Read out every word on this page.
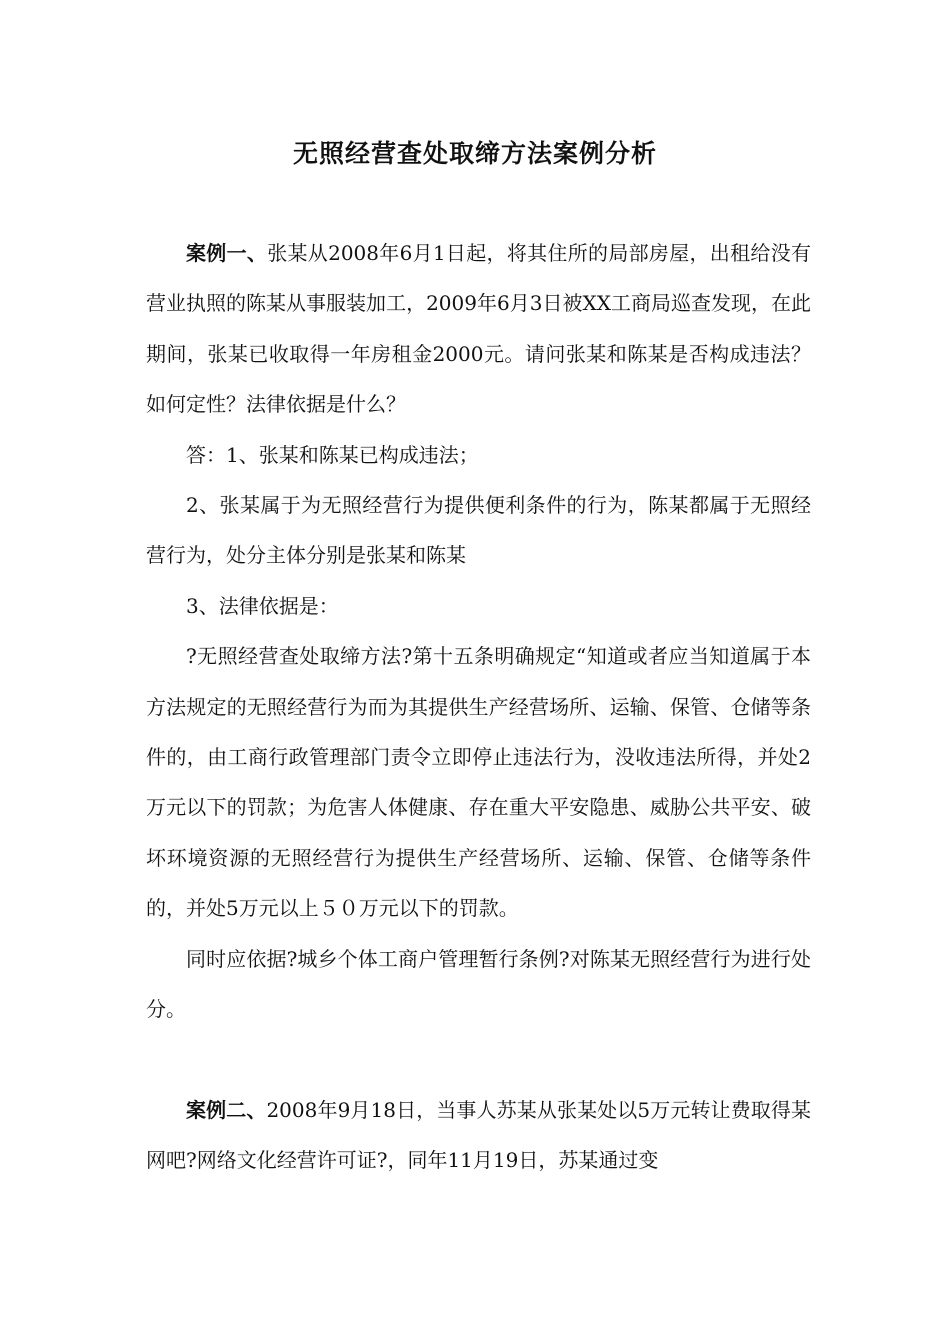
无照经营查处取缔方法案例分析

案例一、张某从2008年6月1日起，将其住所的局部房屋，出租给没有营业执照的陈某从事服装加工，2009年6月3日被XX工商局巡查发现，在此期间，张某已收取得一年房租金2000元。请问张某和陈某是否构成违法？如何定性？法律依据是什么？

答：1、张某和陈某已构成违法；

2、张某属于为无照经营行为提供便利条件的行为，陈某都属于无照经营行为，处分主体分别是张某和陈某

3、法律依据是：

?无照经营查处取缔方法?第十五条明确规定“知道或者应当知道属于本方法规定的无照经营行为而为其提供生产经营场所、运输、保管、仓储等条件的，由工商行政管理部门责令立即停止违法行为，没收违法所得，并处2万元以下的罚款；为危害人体健康、存在重大平安隐患、威胁公共平安、破坏环境资源的无照经营行为提供生产经营场所、运输、保管、仓储等条件的，并处5万元以上５０万元以下的罚款。

同时应依据?城乡个体工商户管理暂行条例?对陈某无照经营行为进行处分。

案例二、2008年9月18日，当事人苏某从张某处以5万元转让费取得某网吧?网络文化经营许可证?，同年11月19日，苏某通过变
